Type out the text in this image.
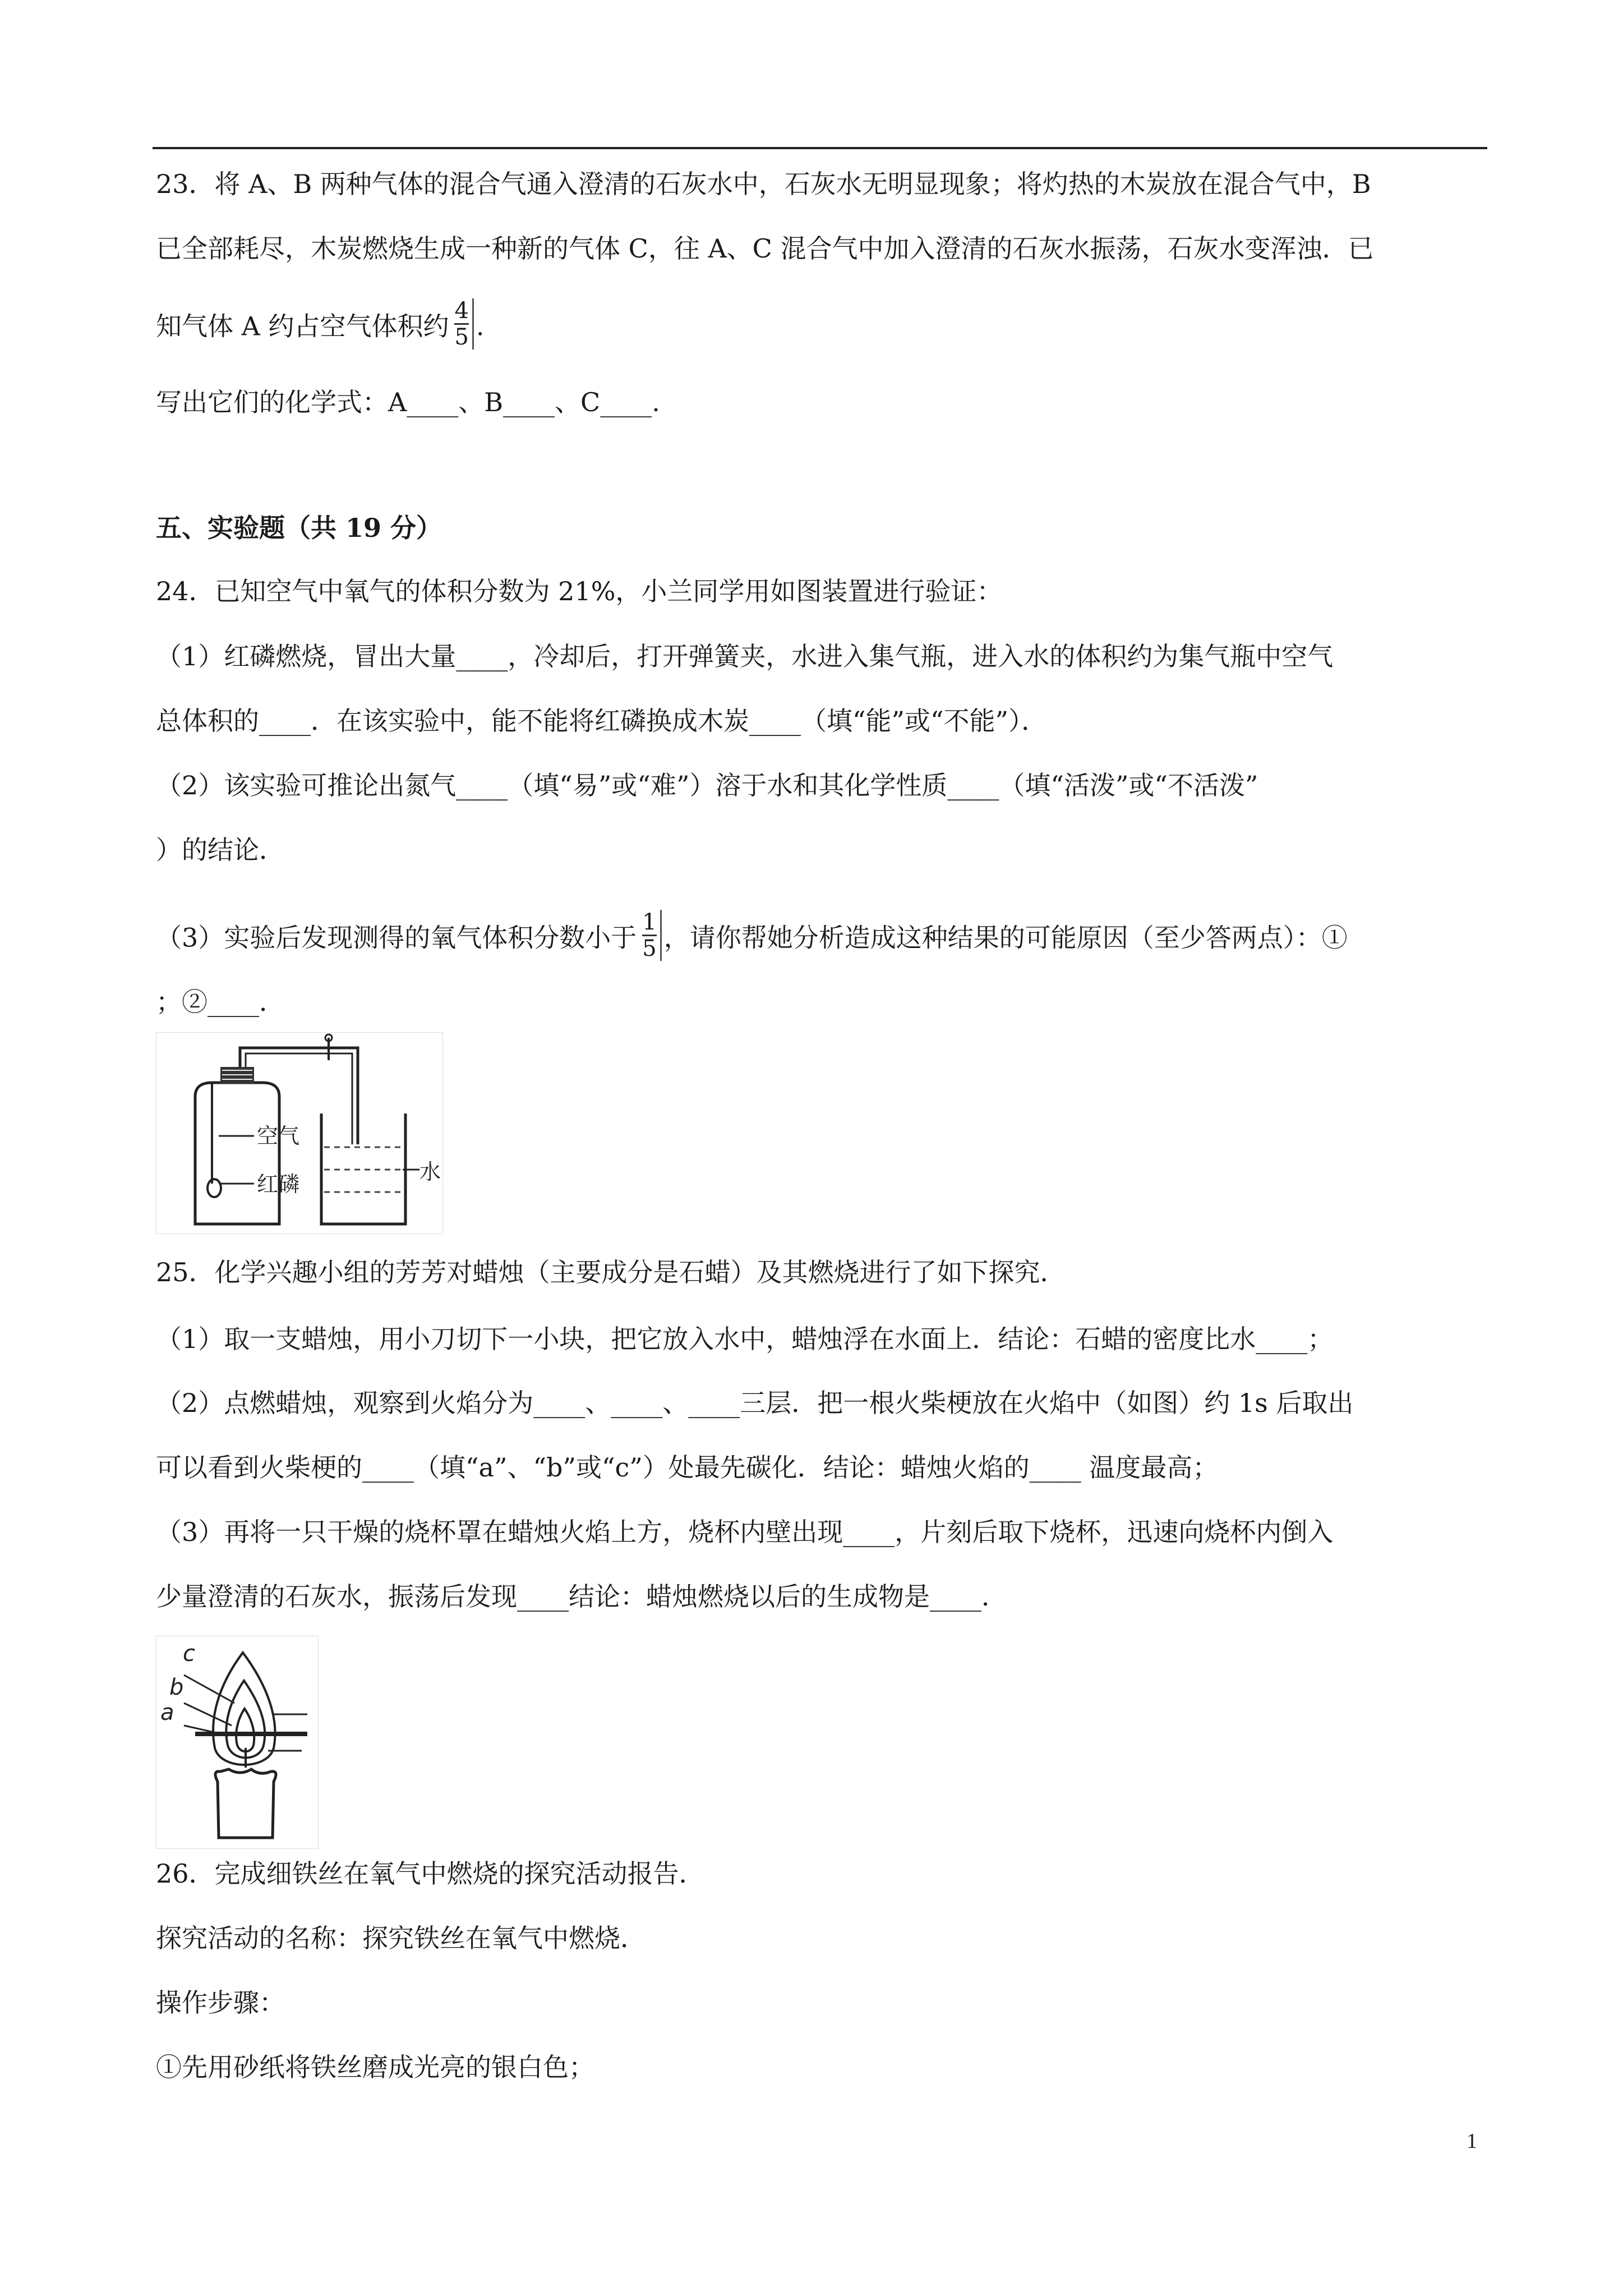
23．将 A、B 两种气体的混合气通入澄清的石灰水中，石灰水无明显现象；将灼热的木炭放在混合气中，B
已全部耗尽，木炭燃烧生成一种新的气体 C，往 A、C 混合气中加入澄清的石灰水振荡，石灰水变浑浊．已
知气体 A 约占空气体积约 $\frac{4}{5}$ .
写出它们的化学式：A____、B____、C____.
五、实验题（共 19 分）
24．已知空气中氧气的体积分数为 21%，小兰同学用如图装置进行验证：
（1）红磷燃烧，冒出大量____，冷却后，打开弹簧夹，水进入集气瓶，进入水的体积约为集气瓶中空气
总体积的____．在该实验中，能不能将红磷换成木炭____（填“能”或“不能”）．
（2）该实验可推论出氮气____（填“易”或“难”）溶于水和其化学性质____（填“活泼”或“不活泼”
）的结论．
（3）实验后发现测得的氧气体积分数小于 $\frac{1}{5}$ ，请你帮她分析造成这种结果的可能原因（至少答两点）：①
；②____．
空气
红磷	水
25．化学兴趣小组的芳芳对蜡烛（主要成分是石蜡）及其燃烧进行了如下探究．
（1）取一支蜡烛，用小刀切下一小块，把它放入水中，蜡烛浮在水面上．结论：石蜡的密度比水____；
（2）点燃蜡烛，观察到火焰分为____、____、____三层．把一根火柴梗放在火焰中（如图）约 1s 后取出
可以看到火柴梗的____（填“a”、“b”或“c”）处最先碳化．结论：蜡烛火焰的____ 温度最高；
（3）再将一只干燥的烧杯罩在蜡烛火焰上方，烧杯内壁出现____，片刻后取下烧杯，迅速向烧杯内倒入
少量澄清的石灰水，振荡后发现____结论：蜡烛燃烧以后的生成物是____．
c
b
a
26．完成细铁丝在氧气中燃烧的探究活动报告．
探究活动的名称：探究铁丝在氧气中燃烧．
操作步骤：
①先用砂纸将铁丝磨成光亮的银白色；
1
